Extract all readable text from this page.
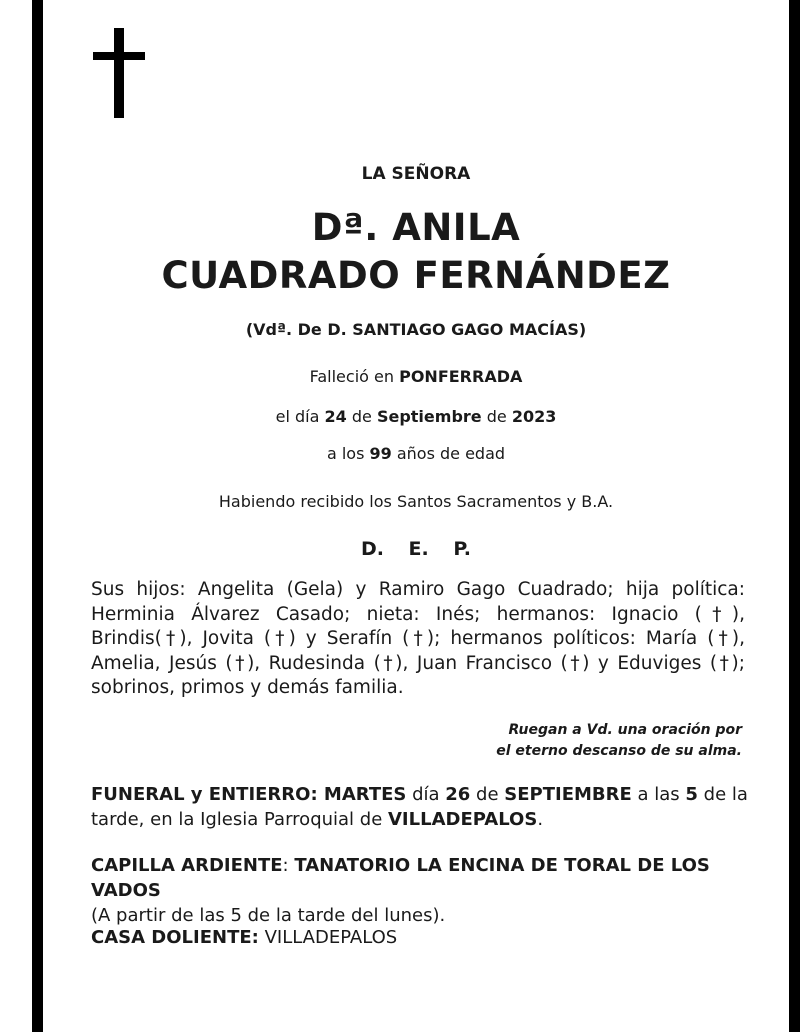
LA SEÑORA
Dª. ANILA
CUADRADO FERNÁNDEZ
(Vdª. De D. SANTIAGO GAGO MACÍAS)
Falleció en PONFERRADA
el día 24 de Septiembre de 2023
a los 99 años de edad
Habiendo recibido los Santos Sacramentos y B.A.
D. E. P.
Sus hijos: Angelita (Gela) y Ramiro Gago Cuadrado; hija política: Herminia Álvarez Casado; nieta: Inés; hermanos: Ignacio (†), Brindis(†), Jovita (†) y Serafín (†); hermanos políticos: María (†), Amelia, Jesús (†), Rudesinda (†), Juan Francisco (†) y Eduviges (†); sobrinos, primos y demás familia.
Ruegan a Vd. una oración por
el eterno descanso de su alma.
FUNERAL y ENTIERRO: MARTES día 26 de SEPTIEMBRE a las 5 de la tarde, en la Iglesia Parroquial de VILLADEPALOS.
CAPILLA ARDIENTE: TANATORIO LA ENCINA DE TORAL DE LOS VADOS
(A partir de las 5 de la tarde del lunes).
CASA DOLIENTE: VILLADEPALOS
